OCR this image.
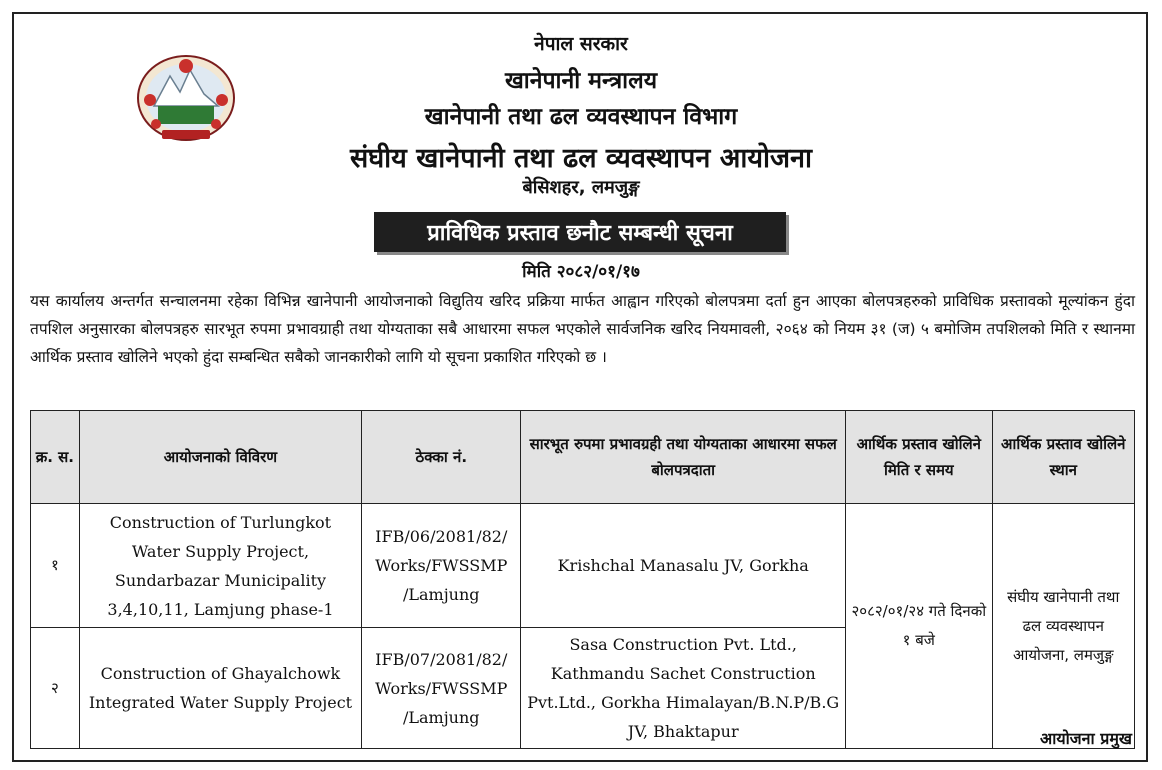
नेपाल सरकार
खानेपानी मन्त्रालय
खानेपानी तथा ढल व्यवस्थापन विभाग
संघीय खानेपानी तथा ढल व्यवस्थापन आयोजना
बेसिशहर, लमजुङ्ग
प्राविधिक प्रस्ताव छनौट सम्बन्धी सूचना
मिति २०८२/०१/१७
यस कार्यालय अन्तर्गत सन्चालनमा रहेका विभिन्न खानेपानी आयोजनाको विद्युतिय खरिद प्रक्रिया मार्फत आह्वान गरिएको बोलपत्रमा दर्ता हुन आएका बोलपत्रहरुको प्राविधिक प्रस्तावको मूल्यांकन हुंदा तपशिल अनुसारका बोलपत्रहरु सारभूत रुपमा प्रभावग्राही तथा योग्यताका सबै आधारमा सफल भएकोले सार्वजनिक खरिद नियमावली, २०६४ को नियम ३१ (ज) ५ बमोजिम तपशिलको मिति र स्थानमा आर्थिक प्रस्ताव खोलिने भएको हुंदा सम्बन्धित सबैको जानकारीको लागि यो सूचना प्रकाशित गरिएको छ ।
क्र. स.	आयोजनाको विविरण	ठेक्का नं.	सारभूत रुपमा प्रभावग्रही तथा योग्यताका आधारमा सफल बोलपत्रदाता	आर्थिक प्रस्ताव खोलिने मिति र समय	आर्थिक प्रस्ताव खोलिने स्थान
१	Construction of Turlungkot Water Supply Project, Sundarbazar Municipality 3,4,10,11, Lamjung phase-1	IFB/06/2081/82/ Works/FWSSMP /Lamjung	Krishchal Manasalu JV, Gorkha	२०८२/०१/२४ गते दिनको १ बजे	संघीय खानेपानी तथा ढल व्यवस्थापन आयोजना, लमजुङ्ग
२	Construction of Ghayalchowk Integrated Water Supply Project	IFB/07/2081/82/ Works/FWSSMP /Lamjung	Sasa Construction Pvt. Ltd., Kathmandu Sachet Construction Pvt.Ltd., Gorkha Himalayan/B.N.P/B.G JV, Bhaktapur			आयोजना प्रमुख
